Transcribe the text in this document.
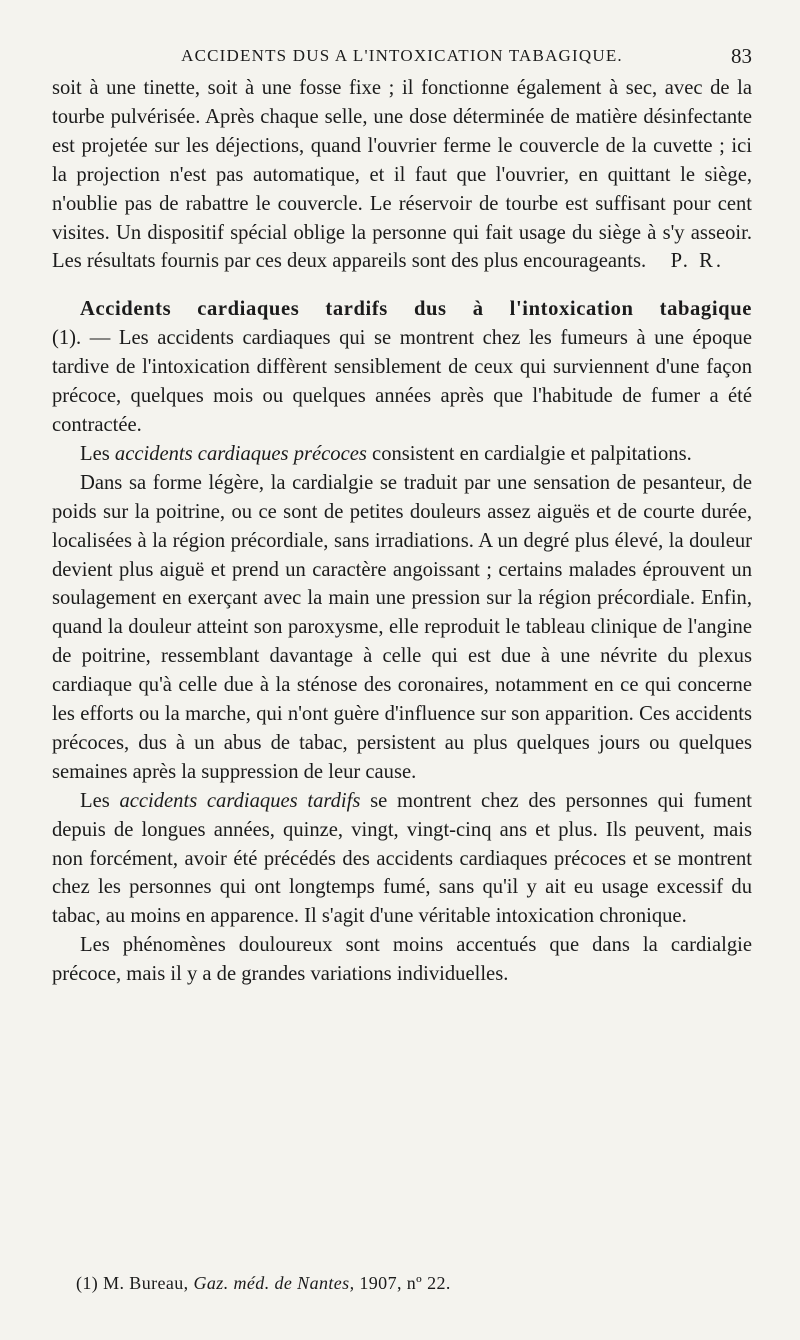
ACCIDENTS DUS A L'INTOXICATION TABAGIQUE.	83

soit à une tinette, soit à une fosse fixe ; il fonctionne également à sec, avec de la tourbe pulvérisée. Après chaque selle, une dose déterminée de matière désinfectante est projetée sur les déjections, quand l'ouvrier ferme le couvercle de la cuvette ; ici la projection n'est pas automatique, et il faut que l'ouvrier, en quittant le siège, n'oublie pas de rabattre le couvercle. Le réservoir de tourbe est suffisant pour cent visites. Un dispositif spécial oblige la personne qui fait usage du siège à s'y asseoir. Les résultats fournis par ces deux appareils sont des plus encourageants. P. R.

Accidents cardiaques tardifs dus à l'intoxication tabagique (1). — Les accidents cardiaques qui se montrent chez les fumeurs à une époque tardive de l'intoxication diffèrent sensiblement de ceux qui surviennent d'une façon précoce, quelques mois ou quelques années après que l'habitude de fumer a été contractée.

Les accidents cardiaques précoces consistent en cardialgie et palpitations.

Dans sa forme légère, la cardialgie se traduit par une sensation de pesanteur, de poids sur la poitrine, ou ce sont de petites douleurs assez aiguës et de courte durée, localisées à la région précordiale, sans irradiations. A un degré plus élevé, la douleur devient plus aiguë et prend un caractère angoissant ; certains malades éprouvent un soulagement en exerçant avec la main une pression sur la région précordiale. Enfin, quand la douleur atteint son paroxysme, elle reproduit le tableau clinique de l'angine de poitrine, ressemblant davantage à celle qui est due à une névrite du plexus cardiaque qu'à celle due à la sténose des coronaires, notamment en ce qui concerne les efforts ou la marche, qui n'ont guère d'influence sur son apparition. Ces accidents précoces, dus à un abus de tabac, persistent au plus quelques jours ou quelques semaines après la suppression de leur cause.

Les accidents cardiaques tardifs se montrent chez des personnes qui fument depuis de longues années, quinze, vingt, vingt-cinq ans et plus. Ils peuvent, mais non forcément, avoir été précédés des accidents cardiaques précoces et se montrent chez les personnes qui ont longtemps fumé, sans qu'il y ait eu usage excessif du tabac, au moins en apparence. Il s'agit d'une véritable intoxication chronique.

Les phénomènes douloureux sont moins accentués que dans la cardialgie précoce, mais il y a de grandes variations individuelles.

(1) M. Bureau, Gaz. méd. de Nantes, 1907, nº 22.
